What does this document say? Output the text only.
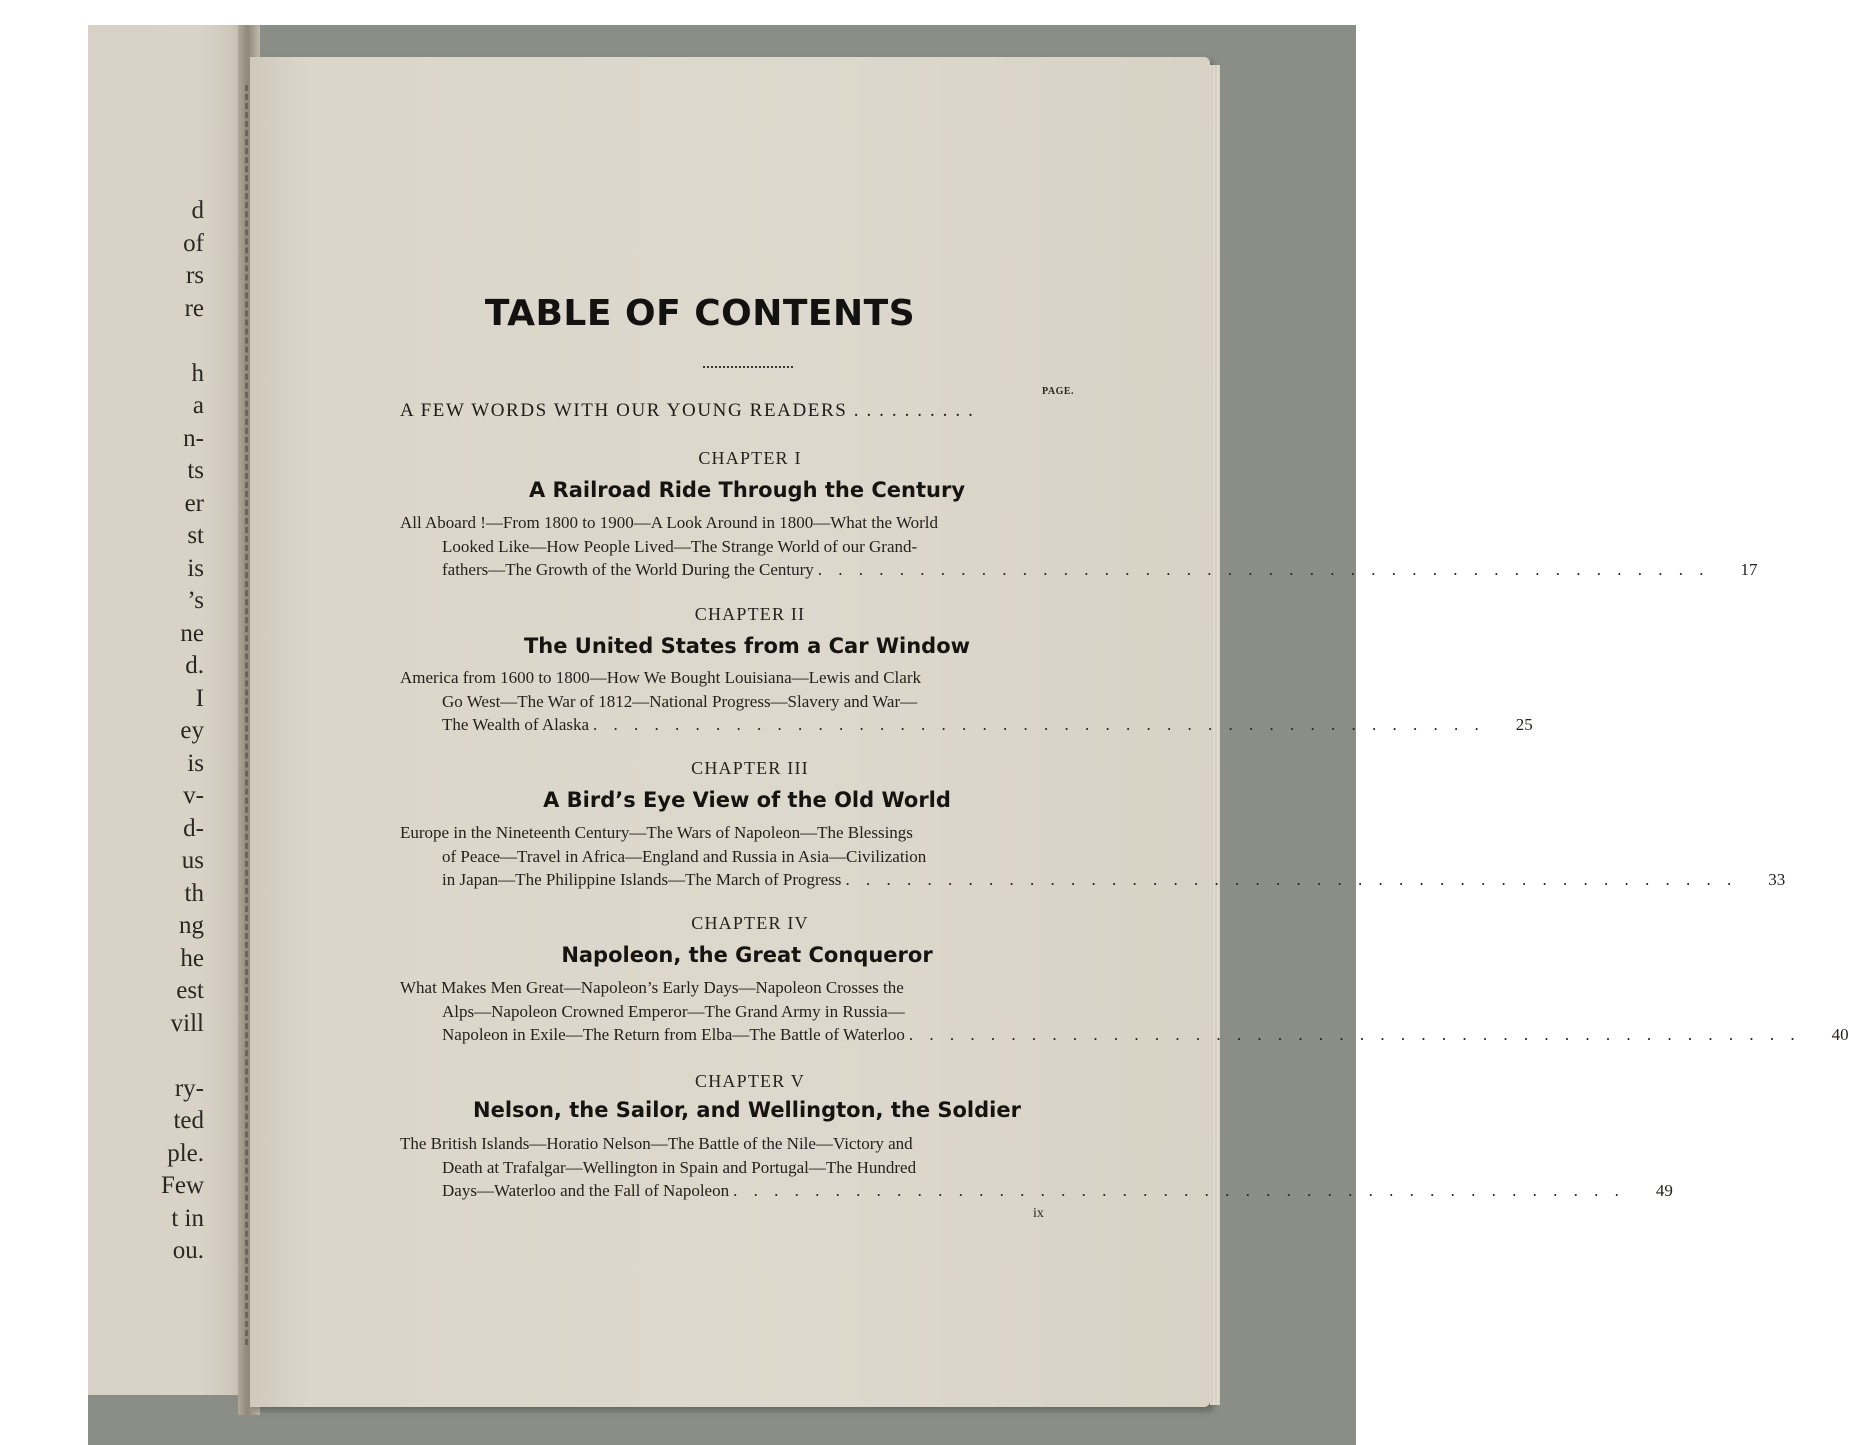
d
of
rs
re
h
a
n-
ts
er
st
is
’s
ne
d.
I
ey
is
v-
d-
us
th
ng
he
est
vill
ry-
ted
ple.
Few
t in
ou.
TABLE OF CONTENTS
PAGE.
A FEW WORDS WITH OUR YOUNG READERS . . . . . . . . . .
CHAPTER I
A Railroad Ride Through the Century
All Aboard !—From 1800 to 1900—A Look Around in 1800—What the World
Looked Like—How People Lived—The Strange World of our Grand-
fathers—The Growth of the World During the Century . . . . . . . . . . . . . . . . . . . . . . . . . . . . . . . . . . . . . . . . . . . .	17
CHAPTER II
The United States from a Car Window
America from 1600 to 1800—How We Bought Louisiana—Lewis and Clark
Go West—The War of 1812—National Progress—Slavery and War—
The Wealth of Alaska . . . . . . . . . . . . . . . . . . . . . . . . . . . . . . . . . . . . . . . . . . . .	25
CHAPTER III
A Bird’s Eye View of the Old World
Europe in the Nineteenth Century—The Wars of Napoleon—The Blessings
of Peace—Travel in Africa—England and Russia in Asia—Civilization
in Japan—The Philippine Islands—The March of Progress . . . . . . . . . . . . . . . . . . . . . . . . . . . . . . . . . . . . . . . . . . . .	33
CHAPTER IV
Napoleon, the Great Conqueror
What Makes Men Great—Napoleon’s Early Days—Napoleon Crosses the
Alps—Napoleon Crowned Emperor—The Grand Army in Russia—
Napoleon in Exile—The Return from Elba—The Battle of Waterloo . . . . . . . . . . . . . . . . . . . . . . . . . . . . . . . . . . . . . . . . . . . .	40
CHAPTER V
Nelson, the Sailor, and Wellington, the Soldier
The British Islands—Horatio Nelson—The Battle of the Nile—Victory and
Death at Trafalgar—Wellington in Spain and Portugal—The Hundred
Days—Waterloo and the Fall of Napoleon . . . . . . . . . . . . . . . . . . . . . . . . . . . . . . . . . . . . . . . . . . . .	49
ix
